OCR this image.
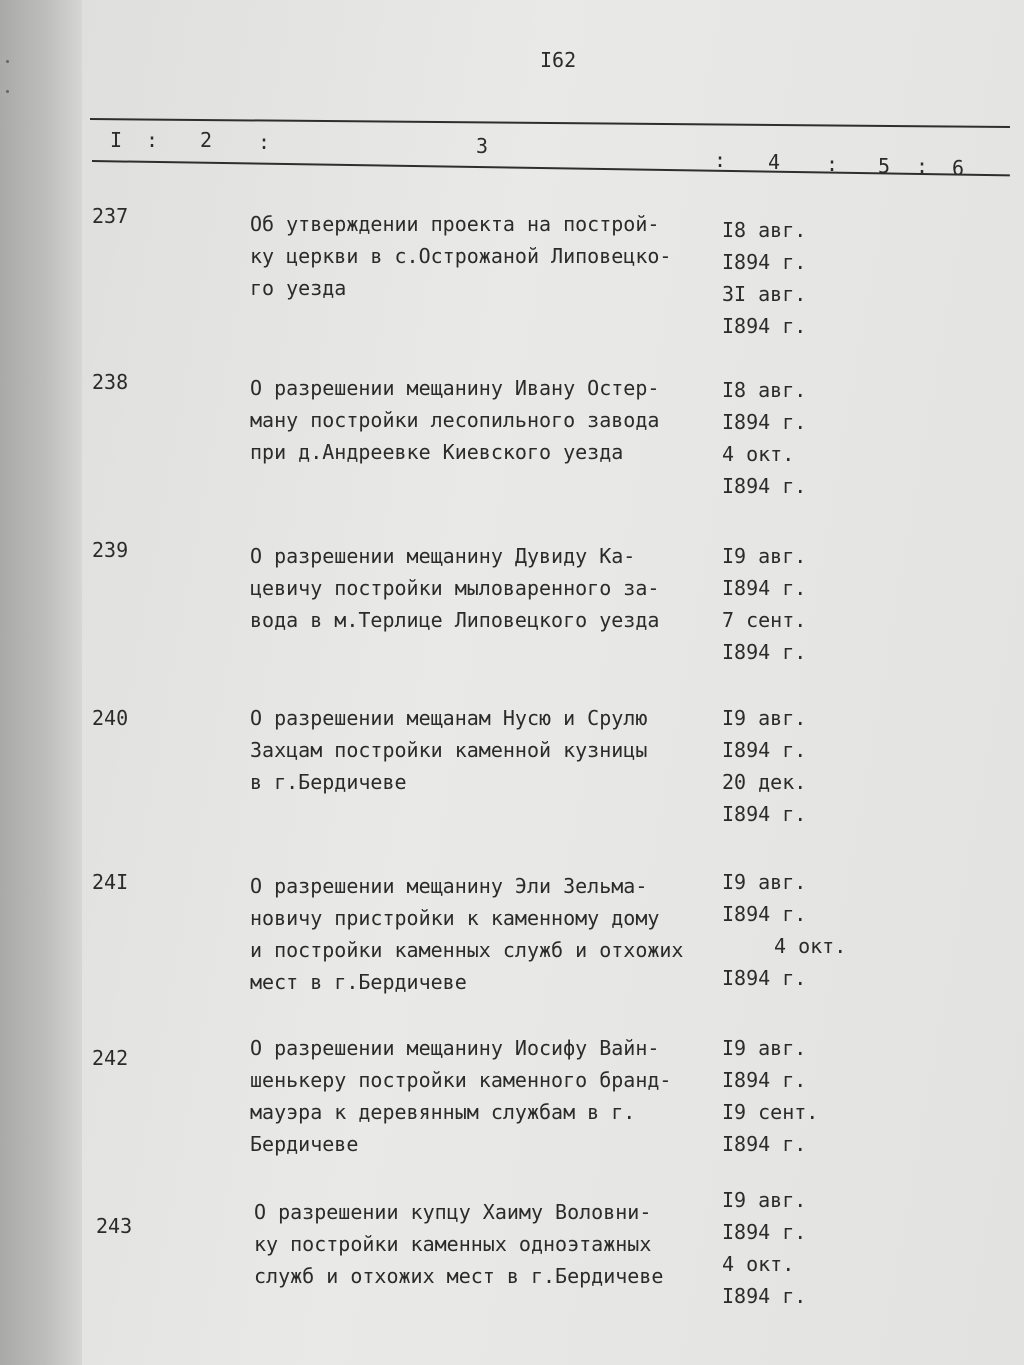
I62
I : 2 :	3
: 4 : 5 : 6
237	Об утверждении проекта на построй-
ку церкви в с.Острожаной Липовецко-
го уезда
I8 авг.
I894 г.
3I авг.
I894 г.
238	О разрешении мещанину Ивану Остер-
ману постройки лесопильного завода
при д.Андреевке Киевского уезда
I8 авг.
I894 г.
4 окт.
I894 г.
239	О разрешении мещанину Дувиду Ка-
цевичу постройки мыловаренного за-
вода в м.Терлице Липовецкого уезда
I9 авг.
I894 г.
7 сент.
I894 г.
240	О разрешении мещанам Нусю и Срулю
Захцам постройки каменной кузницы
в г.Бердичеве
I9 авг.
I894 г.
20 дек.
I894 г.
24I	О разрешении мещанину Эли Зельма-
новичу пристройки к каменному дому
и постройки каменных служб и отхожих
мест в г.Бердичеве
I9 авг.
I894 г.
4 окт.
I894 г.
242	О разрешении мещанину Иосифу Вайн-
шенькеру постройки каменного бранд-
мауэра к деревянным службам в г.
Бердичеве
I9 авг.
I894 г.
I9 сент.
I894 г.
243
О разрешении купцу Хаиму Воловни-
ку постройки каменных одноэтажных
служб и отхожих мест в г.Бердичеве
I9 авг.
I894 г.
4 окт.
I894 г.
